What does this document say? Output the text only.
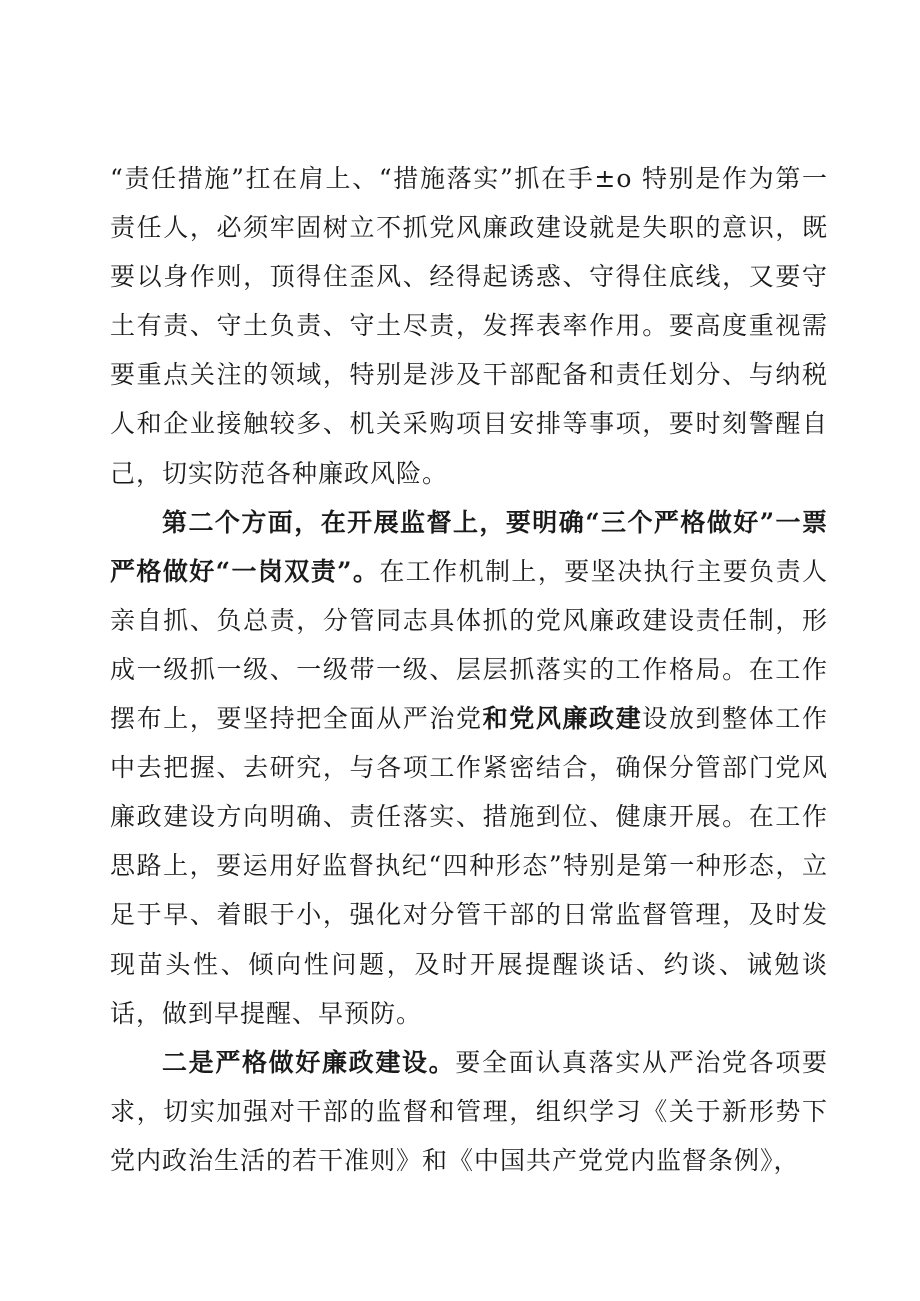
“责任措施”扛在肩上、“措施落实”抓在手±o 特别是作为第一责任人，必须牢固树立不抓党风廉政建设就是失职的意识，既要以身作则，顶得住歪风、经得起诱惑、守得住底线，又要守土有责、守土负责、守土尽责，发挥表率作用。要高度重视需要重点关注的领域，特别是涉及干部配备和责任划分、与纳税人和企业接触较多、机关采购项目安排等事项，要时刻警醒自己，切实防范各种廉政风险。

第二个方面，在开展监督上，要明确“三个严格做好”一票严格做好“一岗双责”。在工作机制上，要坚决执行主要负责人亲自抓、负总责，分管同志具体抓的党风廉政建设责任制，形成一级抓一级、一级带一级、层层抓落实的工作格局。在工作摆布上，要坚持把全面从严治党和党风廉政建设放到整体工作中去把握、去研究，与各项工作紧密结合，确保分管部门党风廉政建设方向明确、责任落实、措施到位、健康开展。在工作思路上，要运用好监督执纪“四种形态”特别是第一种形态，立足于早、着眼于小，强化对分管干部的日常监督管理，及时发现苗头性、倾向性问题，及时开展提醒谈话、约谈、诫勉谈话，做到早提醒、早预防。

二是严格做好廉政建设。要全面认真落实从严治党各项要求，切实加强对干部的监督和管理，组织学习《关于新形势下党内政治生活的若干准则》和《中国共产党党内监督条例》，
